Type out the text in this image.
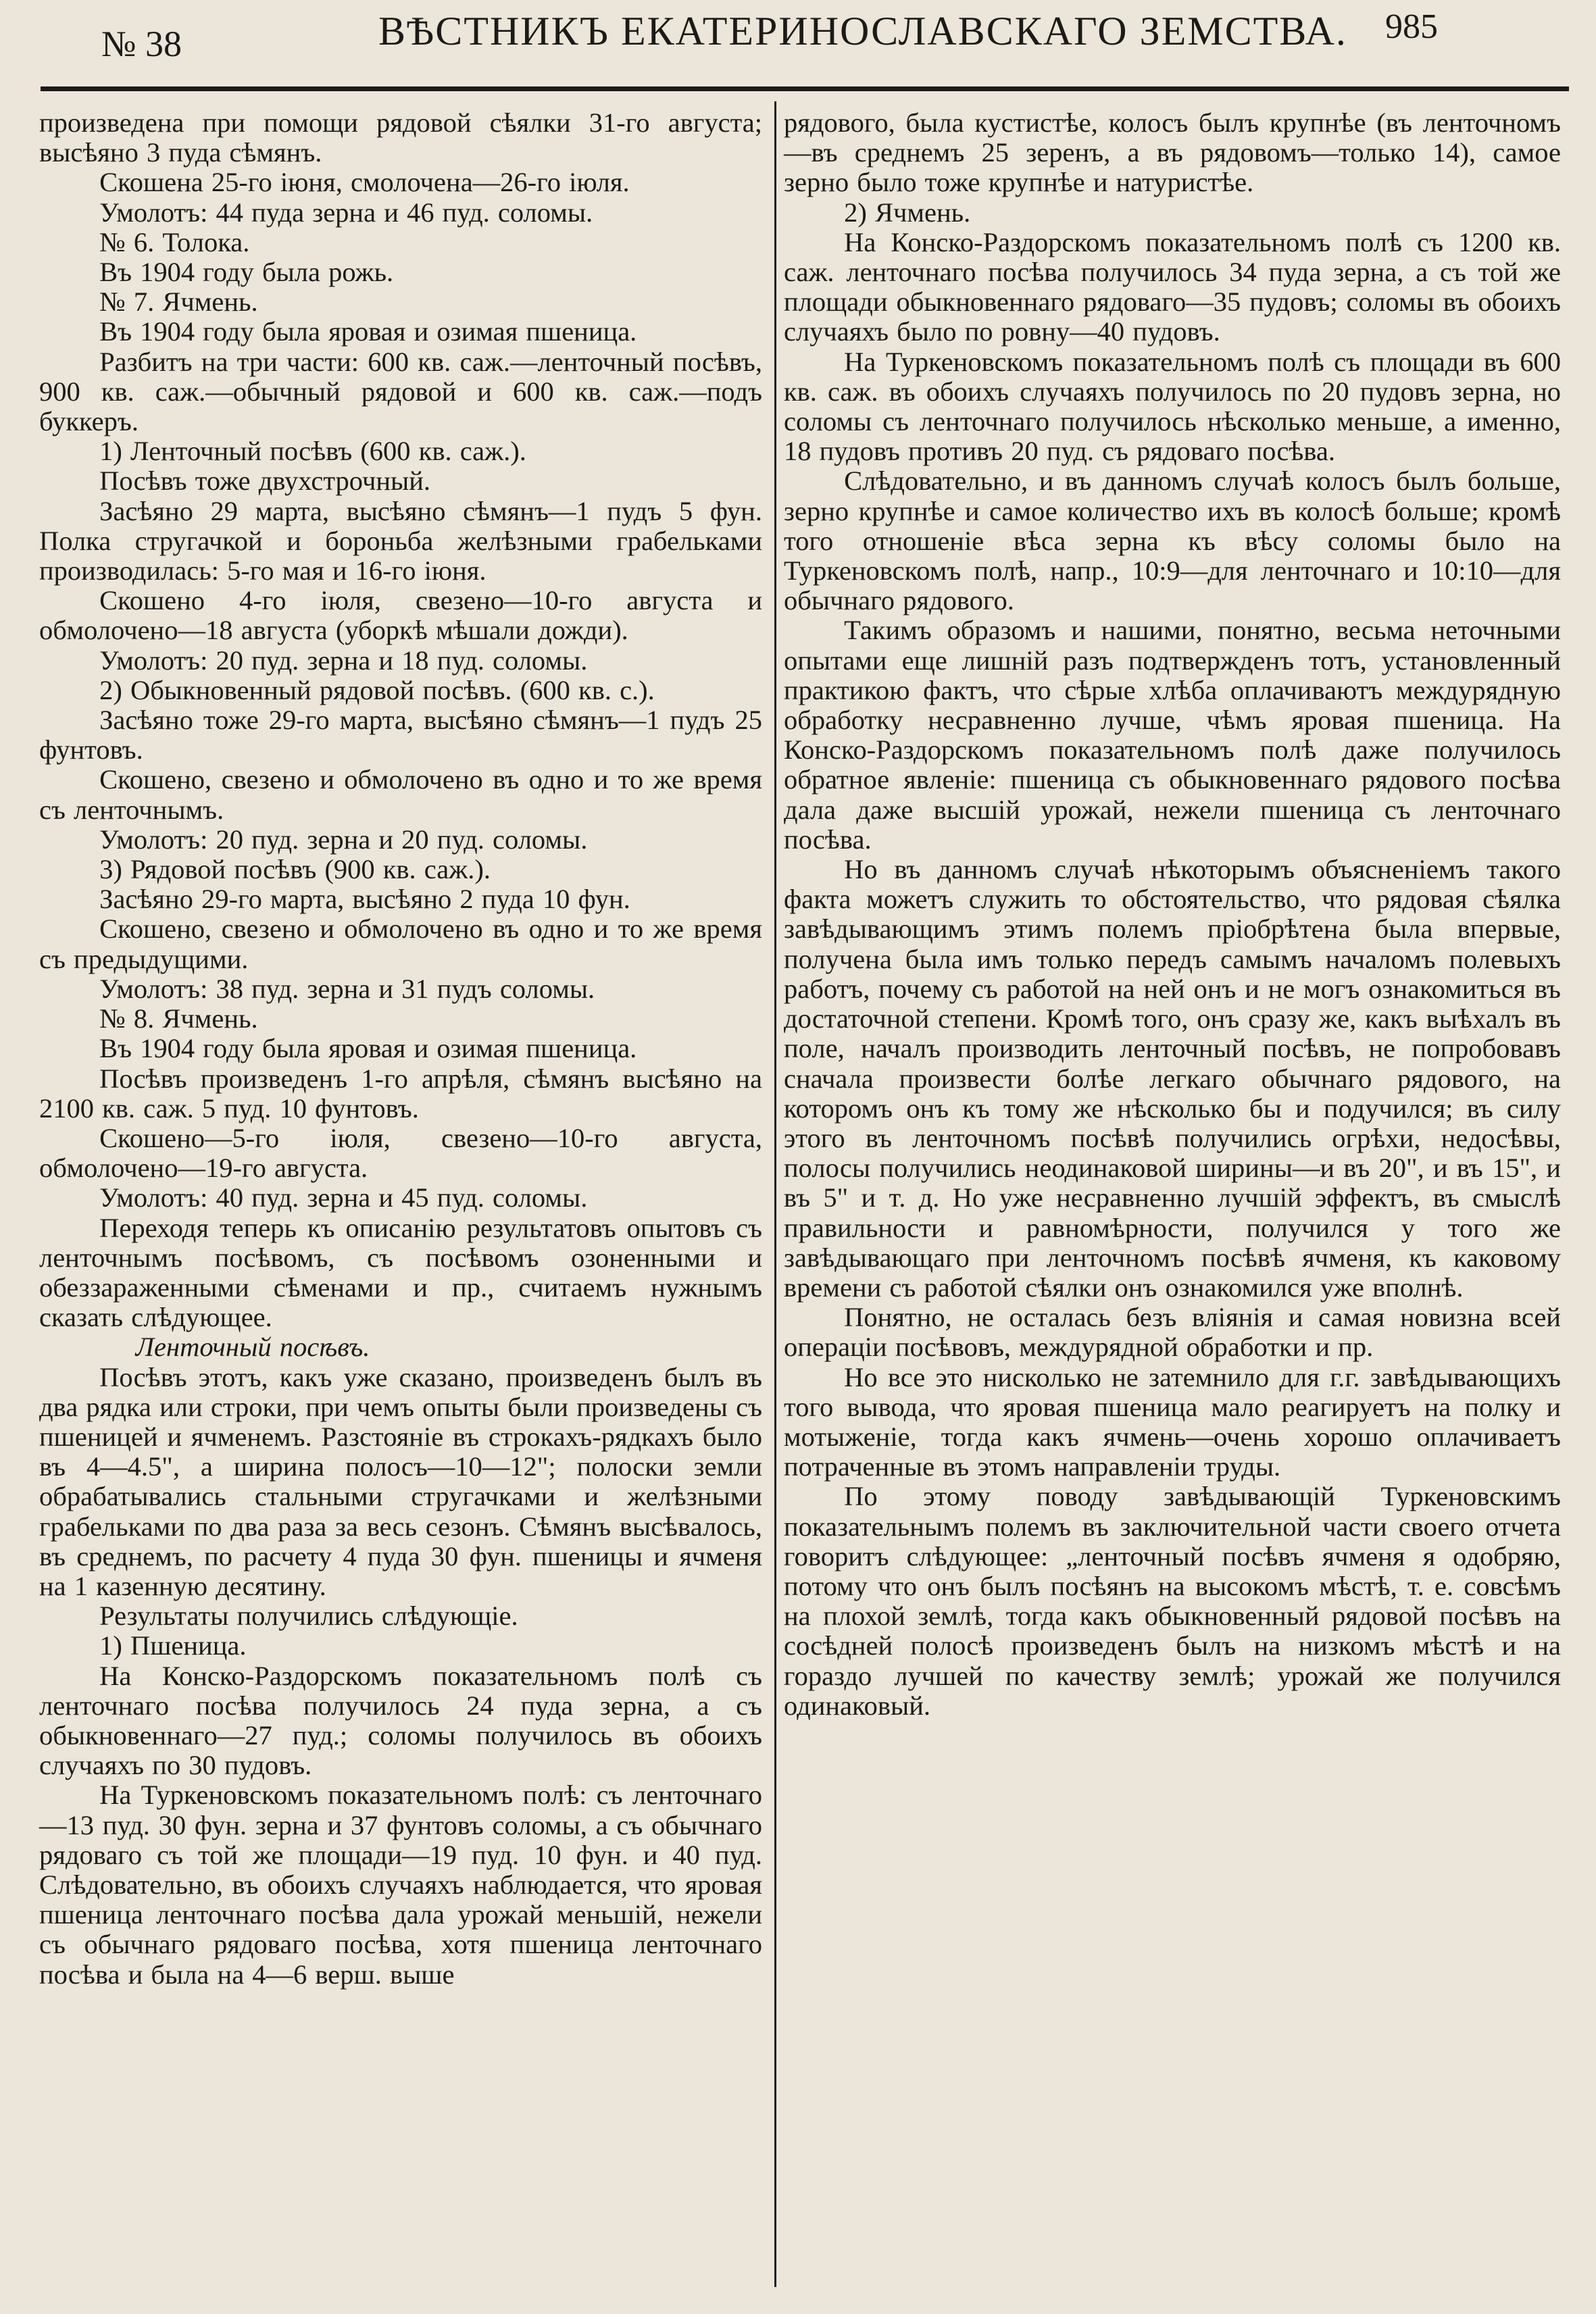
№ 38	ВѢСТНИКЪ ЕКАТЕРИНОСЛАВСКАГО ЗЕМСТВА. 985

произведена при помощи рядовой сѣялки 31-го августа; высѣяно 3 пуда сѣмянъ.

Скошена 25-го іюня, смолочена—26-го іюля.

Умолотъ: 44 пуда зерна и 46 пуд. соломы.

№ 6. Толока.

Въ 1904 году была рожь.

№ 7. Ячмень.

Въ 1904 году была яровая и озимая пшеница.

Разбитъ на три части: 600 кв. саж.—ленточный посѣвъ, 900 кв. саж.—обычный рядовой и 600 кв. саж.—подъ буккеръ.

1) Ленточный посѣвъ (600 кв. саж.).

Посѣвъ тоже двухстрочный.

Засѣяно 29 марта, высѣяно сѣмянъ—1 пудъ 5 фун. Полка стругачкой и бороньба желѣзными грабельками производилась: 5-го мая и 16-го іюня.

Скошено 4-го іюля, свезено—10-го августа и обмолочено—18 августа (уборкѣ мѣшали дожди).

Умолотъ: 20 пуд. зерна и 18 пуд. соломы.

2) Обыкновенный рядовой посѣвъ. (600 кв. с.).

Засѣяно тоже 29-го марта, высѣяно сѣмянъ—1 пудъ 25 фунтовъ.

Скошено, свезено и обмолочено въ одно и то же время съ ленточнымъ.

Умолотъ: 20 пуд. зерна и 20 пуд. соломы.

3) Рядовой посѣвъ (900 кв. саж.).

Засѣяно 29-го марта, высѣяно 2 пуда 10 фун.

Скошено, свезено и обмолочено въ одно и то же время съ предыдущими.

Умолотъ: 38 пуд. зерна и 31 пудъ соломы.

№ 8. Ячмень.

Въ 1904 году была яровая и озимая пшеница.

Посѣвъ произведенъ 1-го апрѣля, сѣмянъ высѣяно на 2100 кв. саж. 5 пуд. 10 фунтовъ.

Скошено—5-го іюля, свезено—10-го августа, обмолочено—19-го августа.

Умолотъ: 40 пуд. зерна и 45 пуд. соломы.

Переходя теперь къ описанію результатовъ опытовъ съ ленточнымъ посѣвомъ, съ посѣвомъ озоненными и обеззараженными сѣменами и пр., считаемъ нужнымъ сказать слѣдующее.

Ленточный посѣвъ.

Посѣвъ этотъ, какъ уже сказано, произведенъ былъ въ два рядка или строки, при чемъ опыты были произведены съ пшеницей и ячменемъ. Разстояніе въ строкахъ-рядкахъ было въ 4—4.5", а ширина полосъ—10—12"; полоски земли обрабатывались стальными стругачками и желѣзными грабельками по два раза за весь сезонъ. Сѣмянъ высѣвалось, въ среднемъ, по расчету 4 пуда 30 фун. пшеницы и ячменя на 1 казенную десятину.

Результаты получились слѣдующіе.

1) Пшеница.

На Конско-Раздорскомъ показательномъ полѣ съ ленточнаго посѣва получилось 24 пуда зерна, а съ обыкновеннаго—27 пуд.; соломы получилось въ обоихъ случаяхъ по 30 пудовъ.

На Туркеновскомъ показательномъ полѣ: съ ленточнаго—13 пуд. 30 фун. зерна и 37 фунтовъ соломы, а съ обычнаго рядоваго съ той же площади—19 пуд. 10 фун. и 40 пуд. Слѣдовательно, въ обоихъ случаяхъ наблюдается, что яровая пшеница ленточнаго посѣва дала урожай меньшій, нежели съ обычнаго рядоваго посѣва, хотя пшеница ленточнаго посѣва и была на 4—6 верш. выше

рядового, была кустистѣе, колосъ былъ крупнѣе (въ ленточномъ—въ среднемъ 25 зеренъ, а въ рядовомъ—только 14), самое зерно было тоже крупнѣе и натуристѣе.

2) Ячмень.

На Конско-Раздорскомъ показательномъ полѣ съ 1200 кв. саж. ленточнаго посѣва получилось 34 пуда зерна, а съ той же площади обыкновеннаго рядоваго—35 пудовъ; соломы въ обоихъ случаяхъ было по ровну—40 пудовъ.

На Туркеновскомъ показательномъ полѣ съ площади въ 600 кв. саж. въ обоихъ случаяхъ получилось по 20 пудовъ зерна, но соломы съ ленточнаго получилось нѣсколько меньше, а именно, 18 пудовъ противъ 20 пуд. съ рядоваго посѣва.

Слѣдовательно, и въ данномъ случаѣ колосъ былъ больше, зерно крупнѣе и самое количество ихъ въ колосѣ больше; кромѣ того отношеніе вѣса зерна къ вѣсу соломы было на Туркеновскомъ полѣ, напр., 10:9—для ленточнаго и 10:10—для обычнаго рядового.

Такимъ образомъ и нашими, понятно, весьма неточными опытами еще лишній разъ подтвержденъ тотъ, установленный практикою фактъ, что сѣрые хлѣба оплачиваютъ междурядную обработку несравненно лучше, чѣмъ яровая пшеница. На Конско-Раздорскомъ показательномъ полѣ даже получилось обратное явленіе: пшеница съ обыкновеннаго рядового посѣва дала даже высшій урожай, нежели пшеница съ ленточнаго посѣва.

Но въ данномъ случаѣ нѣкоторымъ объясненіемъ такого факта можетъ служить то обстоятельство, что рядовая сѣялка завѣдывающимъ этимъ полемъ пріобрѣтена была впервые, получена была имъ только передъ самымъ началомъ полевыхъ работъ, почему съ работой на ней онъ и не могъ ознакомиться въ достаточной степени. Кромѣ того, онъ сразу же, какъ выѣхалъ въ поле, началъ производить ленточный посѣвъ, не попробовавъ сначала произвести болѣе легкаго обычнаго рядового, на которомъ онъ къ тому же нѣсколько бы и подучился; въ силу этого въ ленточномъ посѣвѣ получились огрѣхи, недосѣвы, полосы получились неодинаковой ширины—и въ 20", и въ 15", и въ 5" и т. д. Но уже несравненно лучшій эффектъ, въ смыслѣ правильности и равномѣрности, получился у того же завѣдывающаго при ленточномъ посѣвѣ ячменя, къ каковому времени съ работой сѣялки онъ ознакомился уже вполнѣ.

Понятно, не осталась безъ вліянія и самая новизна всей операціи посѣвовъ, междурядной обработки и пр.

Но все это нисколько не затемнило для г.г. завѣдывающихъ того вывода, что яровая пшеница мало реагируетъ на полку и мотыженіе, тогда какъ ячмень—очень хорошо оплачиваетъ потраченные въ этомъ направленіи труды.

По этому поводу завѣдывающій Туркеновскимъ показательнымъ полемъ въ заключительной части своего отчета говоритъ слѣдующее: „ленточный посѣвъ ячменя я одобряю, потому что онъ былъ посѣянъ на высокомъ мѣстѣ, т. е. совсѣмъ на плохой землѣ, тогда какъ обыкновенный рядовой посѣвъ на сосѣдней полосѣ произведенъ былъ на низкомъ мѣстѣ и на гораздо лучшей по качеству землѣ; урожай же получился одинаковый.
